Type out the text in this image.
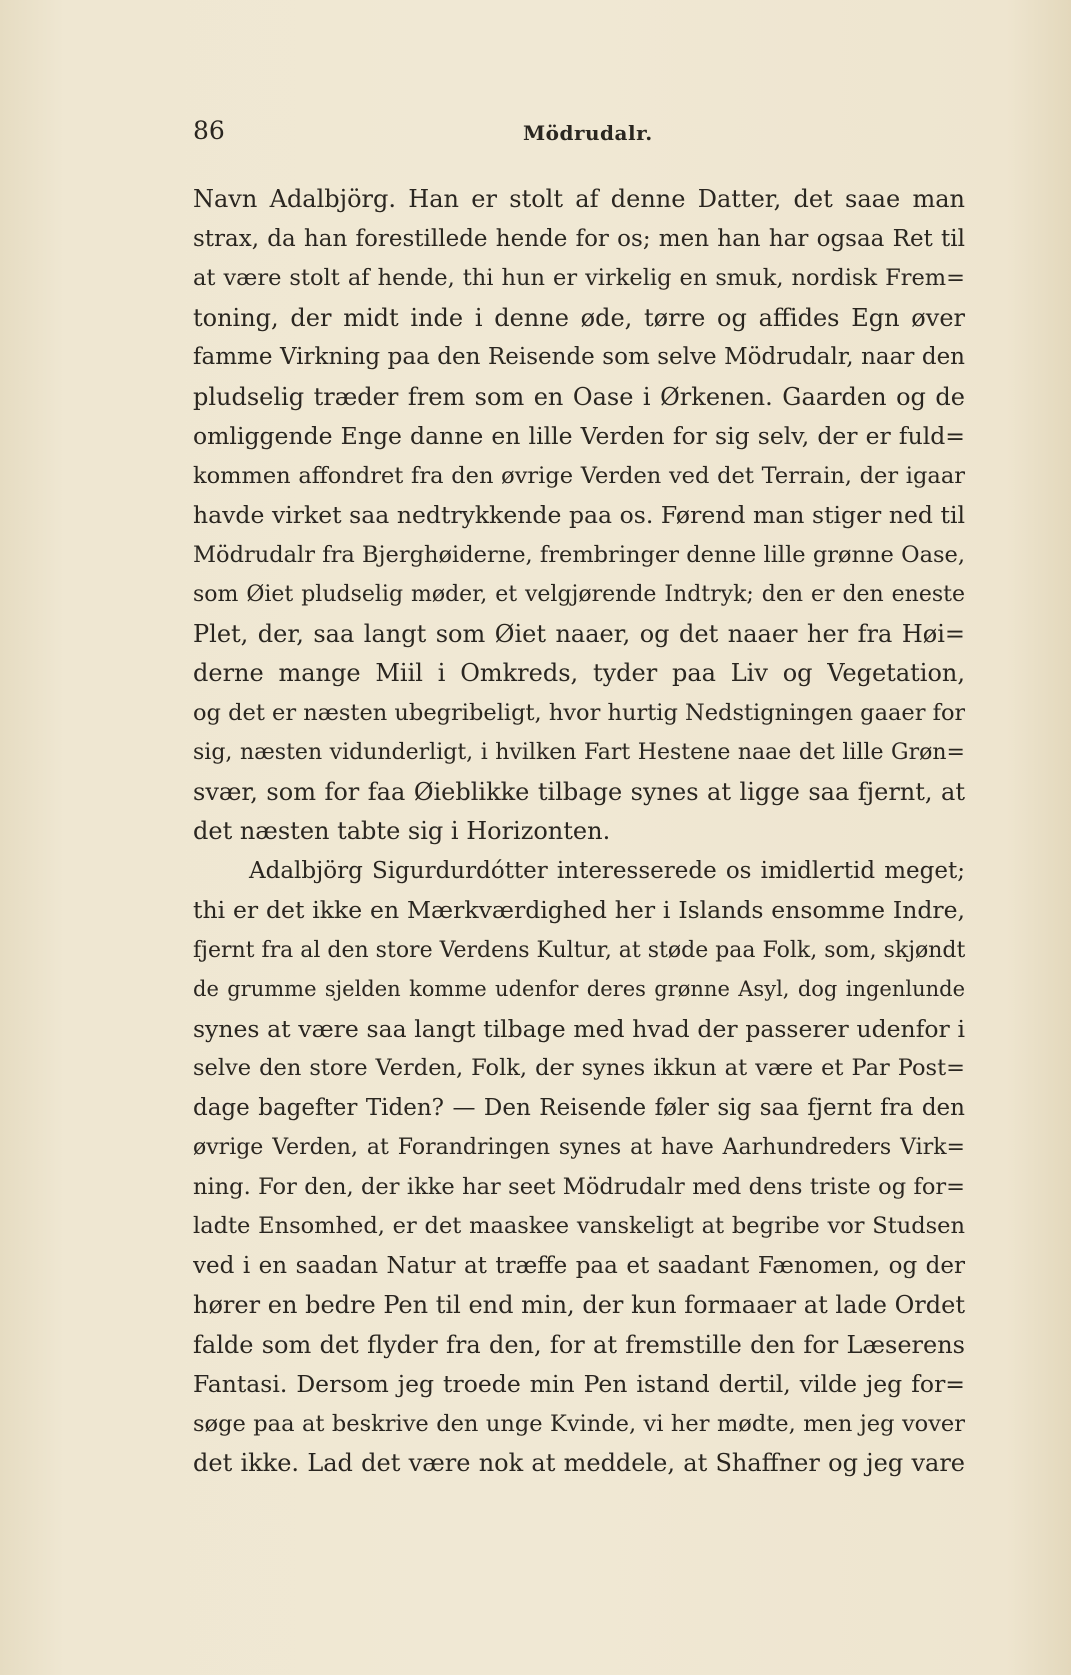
86	Mödrudalr.
Navn Adalbjörg. Han er stolt af denne Datter, det saae man
strax, da han forestillede hende for os; men han har ogsaa Ret til
at være stolt af hende, thi hun er virkelig en smuk, nordisk Frem=
toning, der midt inde i denne øde, tørre og affides Egn øver
famme Virkning paa den Reisende som selve Mödrudalr, naar den
pludselig træder frem som en Oase i Ørkenen. Gaarden og de
omliggende Enge danne en lille Verden for sig selv, der er fuld=
kommen affondret fra den øvrige Verden ved det Terrain, der igaar
havde virket saa nedtrykkende paa os. Førend man stiger ned til
Mödrudalr fra Bjerghøiderne, frembringer denne lille grønne Oase,
som Øiet pludselig møder, et velgjørende Indtryk; den er den eneste
Plet, der, saa langt som Øiet naaer, og det naaer her fra Høi=
derne mange Miil i Omkreds, tyder paa Liv og Vegetation,
og det er næsten ubegribeligt, hvor hurtig Nedstigningen gaaer for
sig, næsten vidunderligt, i hvilken Fart Hestene naae det lille Grøn=
svær, som for faa Øieblikke tilbage synes at ligge saa fjernt, at
det næsten tabte sig i Horizonten.
Adalbjörg Sigurdurdótter interesserede os imidlertid meget;
thi er det ikke en Mærkværdighed her i Islands ensomme Indre,
fjernt fra al den store Verdens Kultur, at støde paa Folk, som, skjøndt
de grumme sjelden komme udenfor deres grønne Asyl, dog ingenlunde
synes at være saa langt tilbage med hvad der passerer udenfor i
selve den store Verden, Folk, der synes ikkun at være et Par Post=
dage bagefter Tiden? — Den Reisende føler sig saa fjernt fra den
øvrige Verden, at Forandringen synes at have Aarhundreders Virk=
ning. For den, der ikke har seet Mödrudalr med dens triste og for=
ladte Ensomhed, er det maaskee vanskeligt at begribe vor Studsen
ved i en saadan Natur at træffe paa et saadant Fænomen, og der
hører en bedre Pen til end min, der kun formaaer at lade Ordet
falde som det flyder fra den, for at fremstille den for Læserens
Fantasi. Dersom jeg troede min Pen istand dertil, vilde jeg for=
søge paa at beskrive den unge Kvinde, vi her mødte, men jeg vover
det ikke. Lad det være nok at meddele, at Shaffner og jeg vare
